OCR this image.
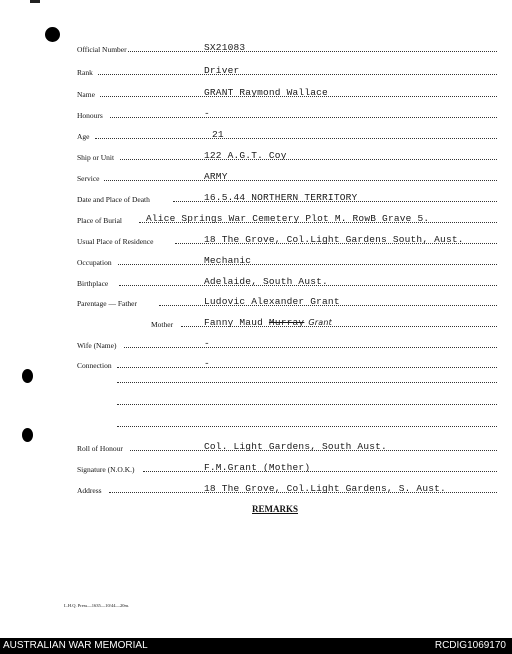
Official Number	SX21083
Rank	Driver
Name	GRANT Raymond Wallace
Honours	-
Age	21
Ship or Unit	122 A.G.T. Coy
Service	ARMY
Date and Place of Death	16.5.44 NORTHERN TERRITORY
Place of Burial	Alice Springs War Cemetery Plot M. RowB Grave 5.
Usual Place of Residence	18 The Grove, Col.Light Gardens South, Aust.
Occupation	Mechanic
Birthplace	Adelaide, South Aust.
Parentage — Father	Ludovic Alexander Grant
Mother	Fanny Maud Murray Grant
Wife (Name)	-
Connection	-
Roll of Honour	Col. Light Gardens, South Aust.
Signature (N.O.K.)	F.M.Grant (Mother)
Address	18 The Grove, Col.Light Gardens, S. Aust.
REMARKS
L.H.Q. Press—1635—10/44—20m.
AUSTRALIAN WAR MEMORIAL	RCDIG1069170
